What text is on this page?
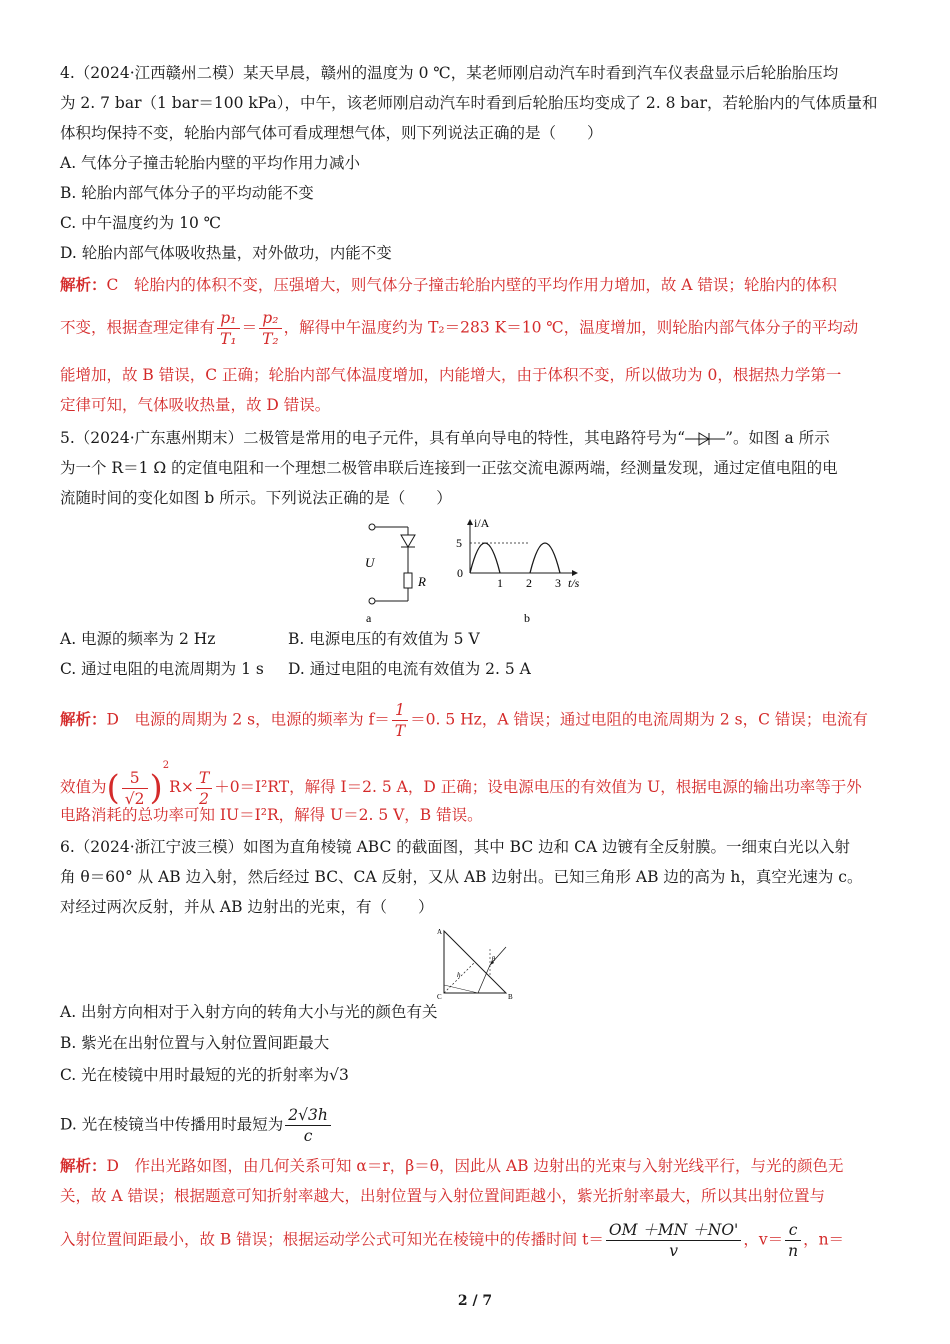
4.（2024·江西赣州二模）某天早晨，赣州的温度为 0 ℃，某老师刚启动汽车时看到汽车仪表盘显示后轮胎胎压均
为 2. 7 bar（1 bar＝100 kPa），中午，该老师刚启动汽车时看到后轮胎压均变成了 2. 8 bar，若轮胎内的气体质量和
体积均保持不变，轮胎内部气体可看成理想气体，则下列说法正确的是（　　）
A. 气体分子撞击轮胎内壁的平均作用力减小
B. 轮胎内部气体分子的平均动能不变
C. 中午温度约为 10 ℃
D. 轮胎内部气体吸收热量，对外做功，内能不变
解析：C　轮胎内的体积不变，压强增大，则气体分子撞击轮胎内壁的平均作用力增加，故 A 错误；轮胎内的体积
不变，根据查理定律有 $\frac{\text{p₁}}{\text{T₁}} = \frac{\text{p₂}}{\text{T₂}}$ ，解得中午温度约为 T₂＝283 K＝10 ℃，温度增加，则轮胎内部气体分子的平均动
能增加，故 B 错误，C 正确；轮胎内部气体温度增加，内能增大，由于体积不变，所以做功为 0，根据热力学第一
定律可知，气体吸收热量，故 D 错误。
5.（2024·广东惠州期末）二极管是常用的电子元件，具有单向导电的特性，其电路符号为“	”。如图 a 所示
为一个 R＝1 Ω 的定值电阻和一个理想二极管串联后连接到一正弦交流电源两端，经测量发现，通过定值电阻的电
流随时间的变化如图 b 所示。下列说法正确的是（　　）
U
R
a
i/A
5
0
1 2 3 t/s
b
A. 电源的频率为 2 Hz	B. 电源电压的有效值为 5 V
C. 通过电阻的电流周期为 1 s D. 通过电阻的电流有效值为 2. 5 A
解析：D　电源的周期为 2 s，电源的频率为 $f= \frac{1}{T} =0$. 5 Hz，A 错误；通过电阻的电流周期为 2 s，C 错误；电流有
效值为( $\frac{5}{√2} )^2R\times \frac{T}{2} +0=I^2RT$，解得 I＝2. 5 A，D 正确；设电源电压的有效值为 U，根据电源的输出功率等于外
电路消耗的总功率可知 IU＝I²R，解得 U＝2. 5 V，B 错误。
6.（2024·浙江宁波三模）如图为直角棱镜 ABC 的截面图，其中 BC 边和 CA 边镀有全反射膜。一细束白光以入射
角 θ＝60° 从 AB 边入射，然后经过 BC、CA 反射，又从 AB 边射出。已知三角形 AB 边的高为 h，真空光速为 c。
对经过两次反射，并从 AB 边射出的光束，有（　　）
A
B
C
h
θ
A. 出射方向相对于入射方向的转角大小与光的颜色有关
B. 紫光在出射位置与入射位置间距最大
C. 光在棱镜中用时最短的光的折射率为√3
D. 光在棱镜当中传播用时最短为 $\frac{2√3h}{c}$
解析：D　作出光路如图，由几何关系可知 α＝r，β＝θ，因此从 AB 边射出的光束与入射光线平行，与光的颜色无
关，故 A 错误；根据题意可知折射率越大，出射位置与入射位置间距越小，紫光折射率最大，所以其出射位置与
入射位置间距最小，故 B 错误；根据运动学公式可知光在棱镜中的传播时间 $t= \frac{OM +MN +NO'}{v}$ ，$v= \frac{c}{n}$ ，n＝
2 / 7
